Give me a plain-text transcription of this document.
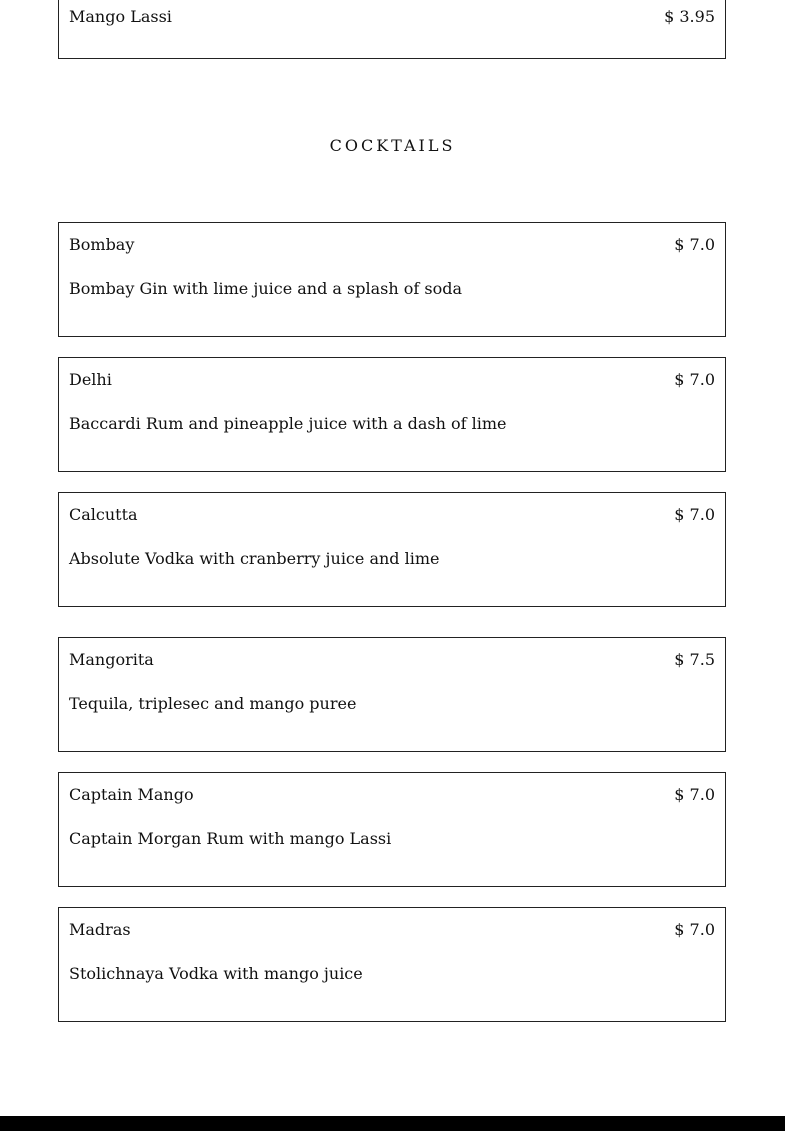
Mango Lassi	$ 3.95
COCKTAILS
Bombay	$ 7.0
Bombay Gin with lime juice and a splash of soda
Delhi	$ 7.0
Baccardi Rum and pineapple juice with a dash of lime
Calcutta	$ 7.0
Absolute Vodka with cranberry juice and lime
Mangorita	$ 7.5
Tequila, triplesec and mango puree
Captain Mango	$ 7.0
Captain Morgan Rum with mango Lassi
Madras	$ 7.0
Stolichnaya Vodka with mango juice
